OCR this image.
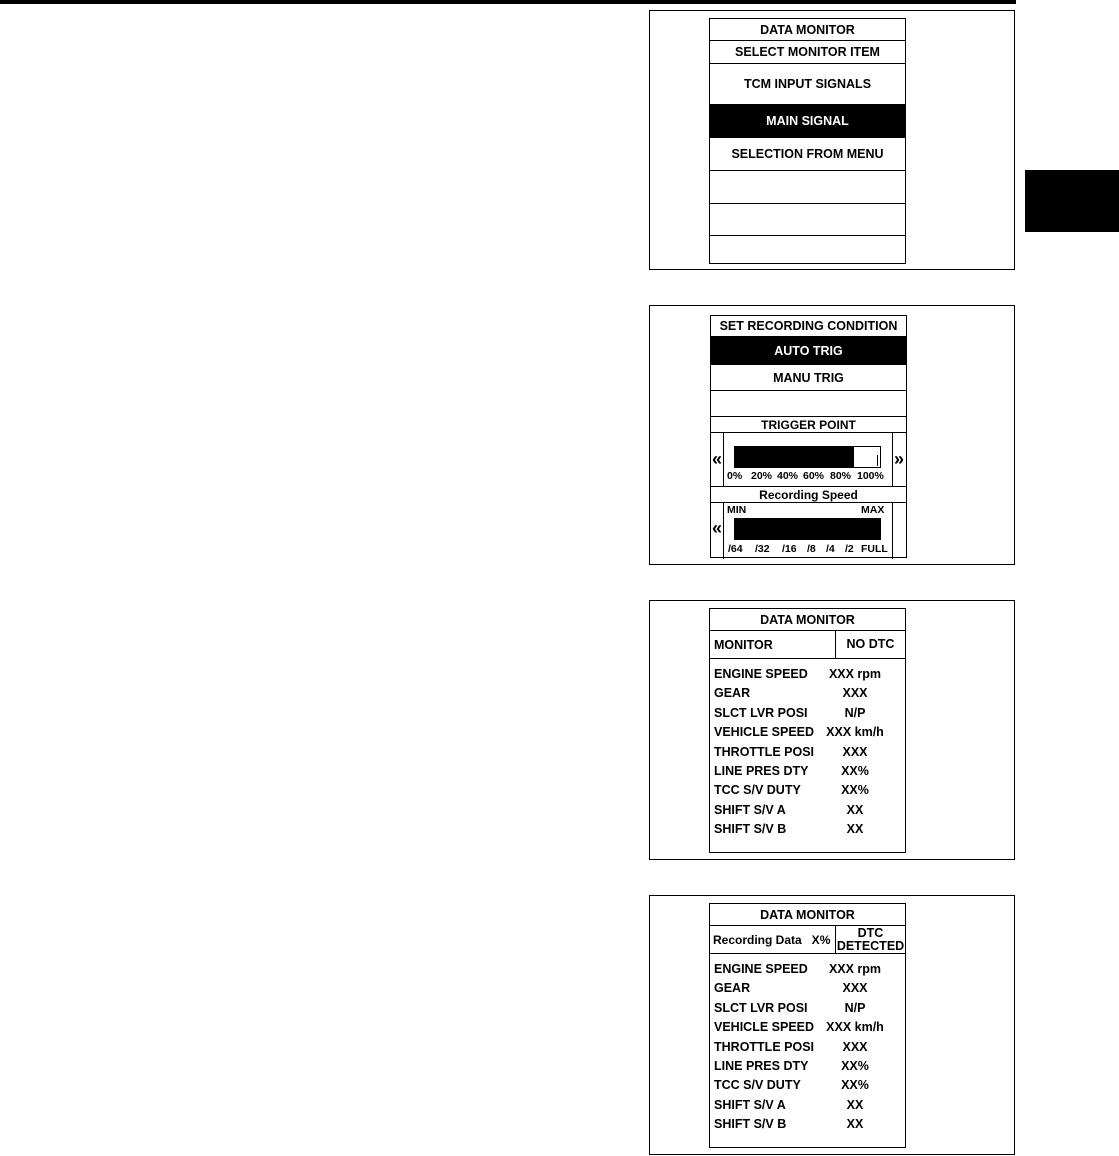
DATA MONITOR
SELECT MONITOR ITEM
TCM INPUT SIGNALS
MAIN SIGNAL
SELECTION FROM MENU
SET RECORDING CONDITION
AUTO TRIG
MANU TRIG
TRIGGER POINT
«	»
0% 20% 40% 60% 80% 100%
Recording Speed
«
MIN	MAX
/64 /32 /16 /8 /4 /2 FULL
DATA MONITOR
MONITOR	NO DTC
ENGINE SPEED	XXX rpm
GEAR	XXX
SLCT LVR POSI	N/P
VEHICLE SPEED XXX km/h
THROTTLE POSI	XXX
LINE PRES DTY	XX%
TCC S/V DUTY	XX%
SHIFT S/V A	XX
SHIFT S/V B	XX
DATA MONITOR
Recording Data   X%	DTC
DETECTED
ENGINE SPEED	XXX rpm
GEAR	XXX
SLCT LVR POSI	N/P
VEHICLE SPEED XXX km/h
THROTTLE POSI	XXX
LINE PRES DTY	XX%
TCC S/V DUTY	XX%
SHIFT S/V A	XX
SHIFT S/V B	XX
